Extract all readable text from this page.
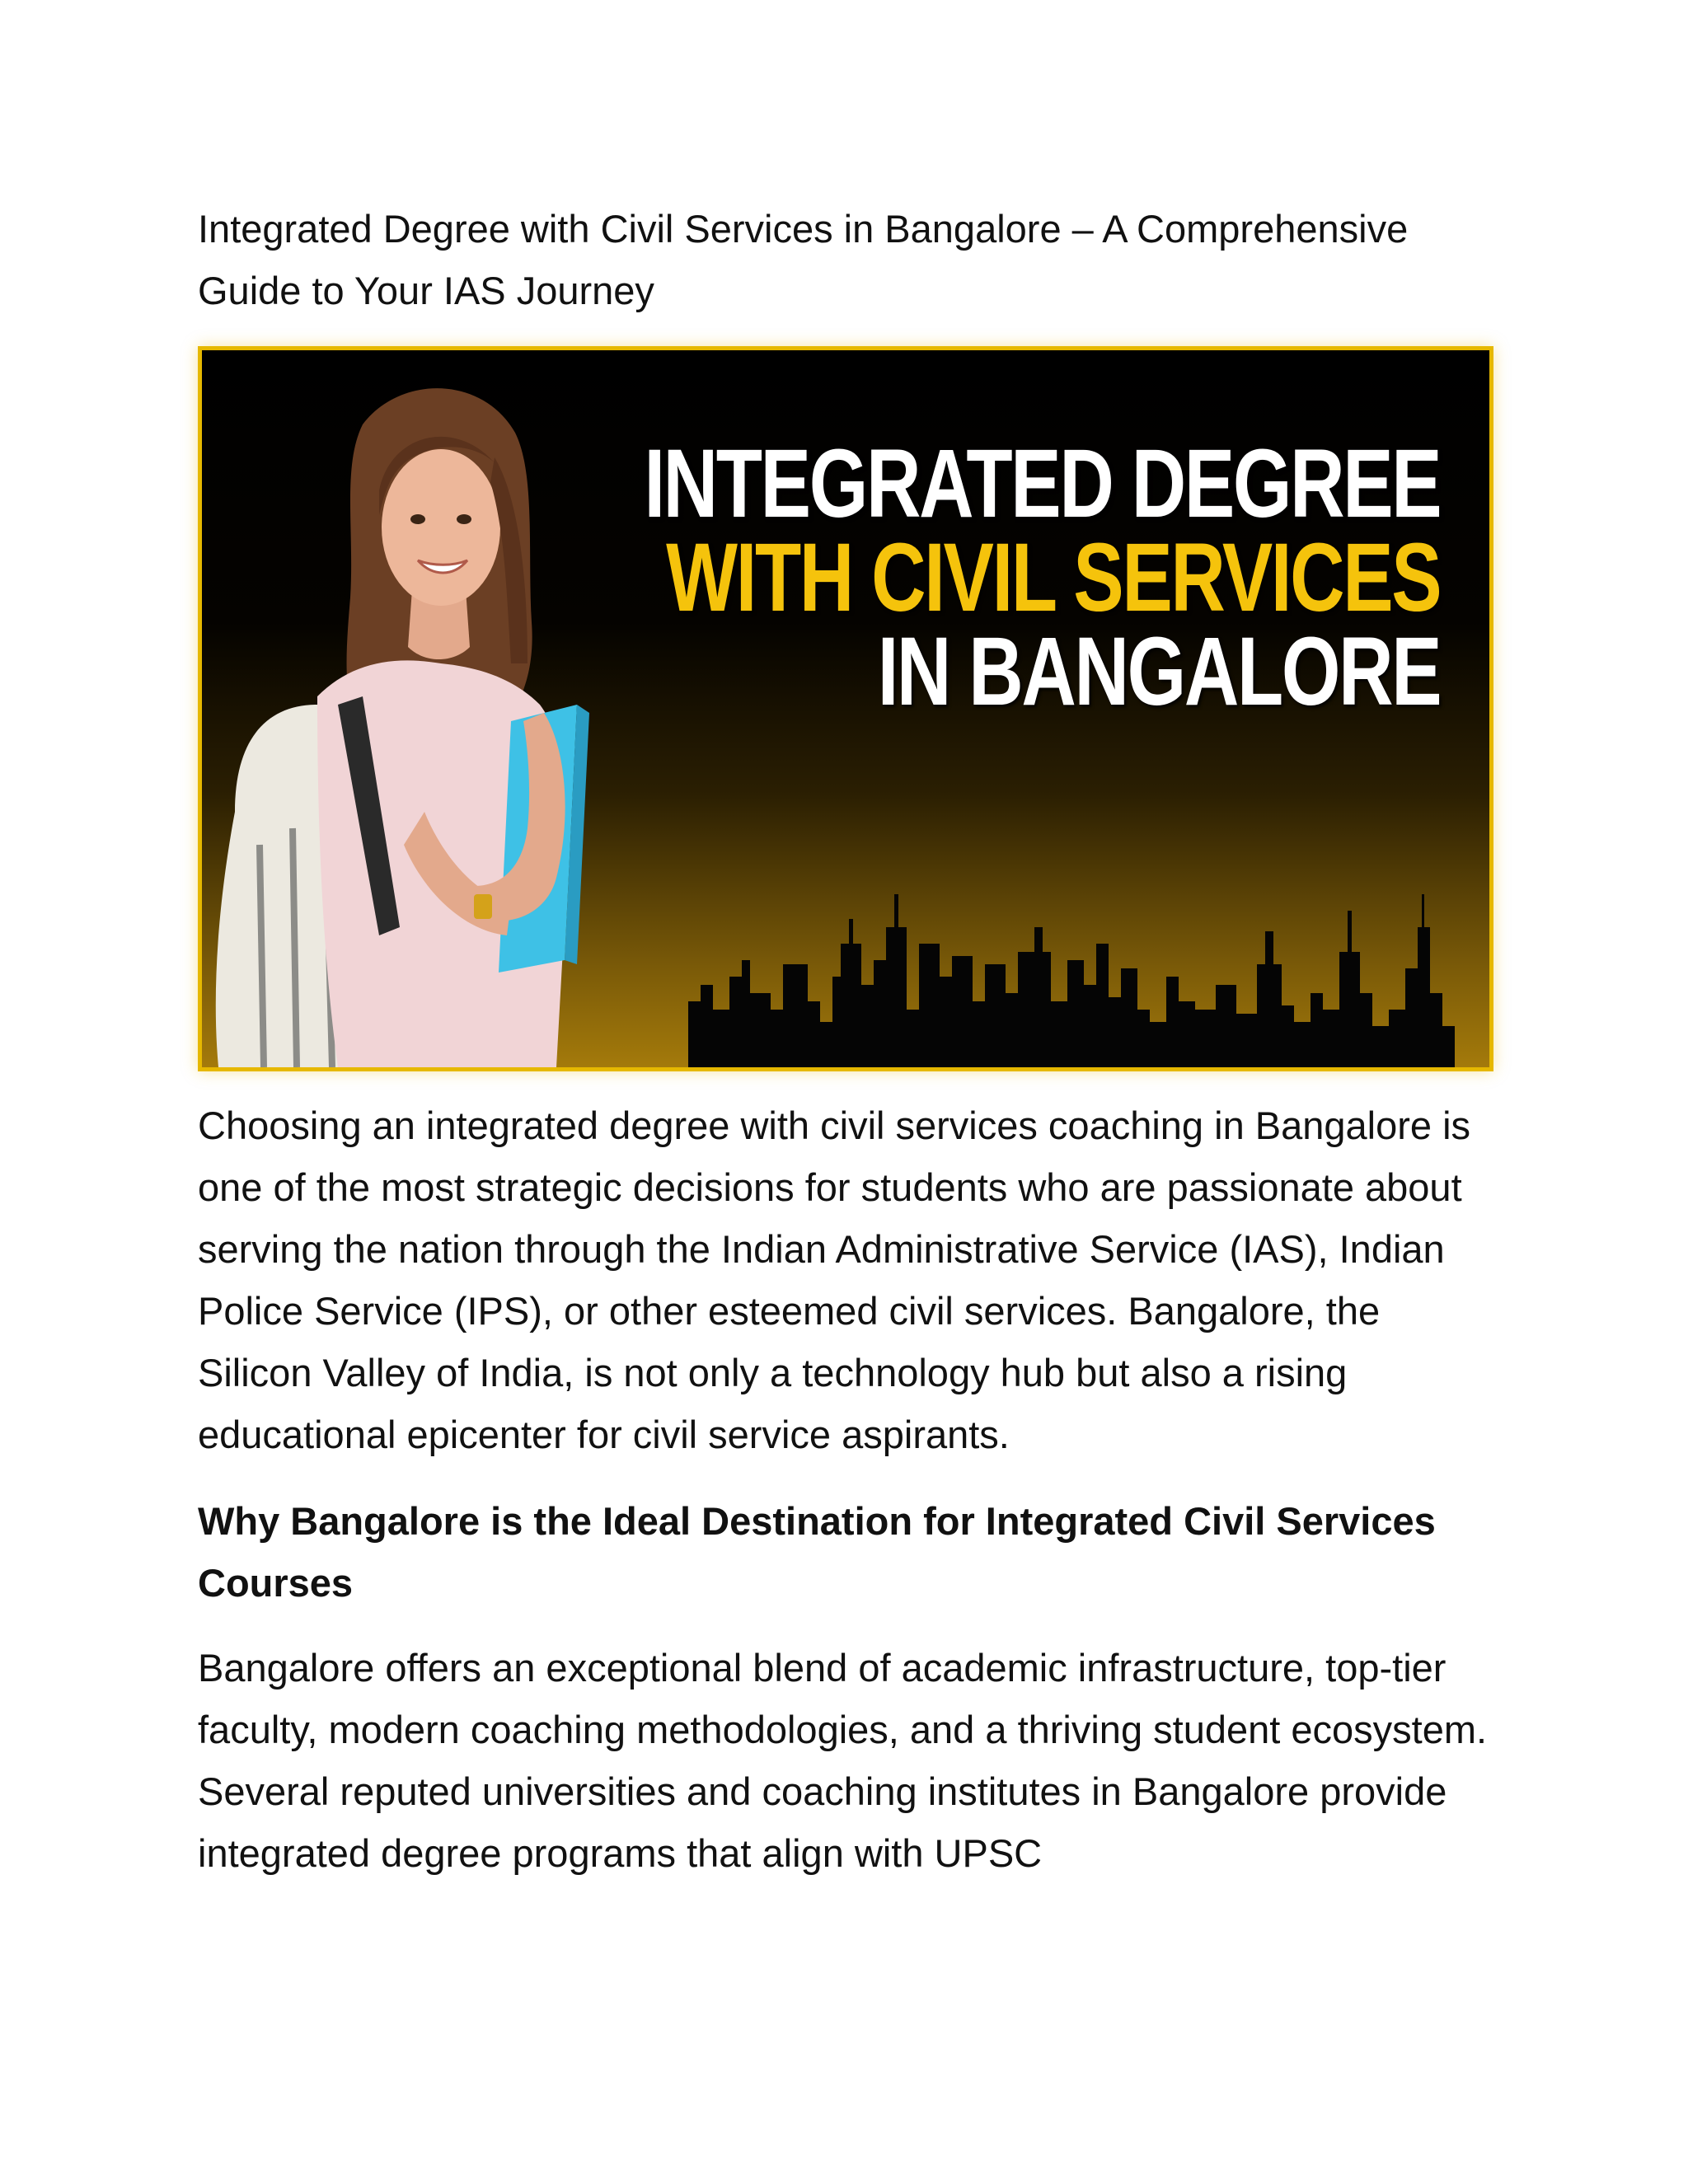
Integrated Degree with Civil Services in Bangalore – A Comprehensive Guide to Your IAS Journey
INTEGRATED DEGREE
WITH CIVIL SERVICES
IN BANGALORE

Choosing an integrated degree with civil services coaching in Bangalore is one of the most strategic decisions for students who are passionate about serving the nation through the Indian Administrative Service (IAS), Indian Police Service (IPS), or other esteemed civil services. Bangalore, the Silicon Valley of India, is not only a technology hub but also a rising educational epicenter for civil service aspirants.

Why Bangalore is the Ideal Destination for Integrated Civil Services Courses

Bangalore offers an exceptional blend of academic infrastructure, top-tier faculty, modern coaching methodologies, and a thriving student ecosystem. Several reputed universities and coaching institutes in Bangalore provide integrated degree programs that align with UPSC
